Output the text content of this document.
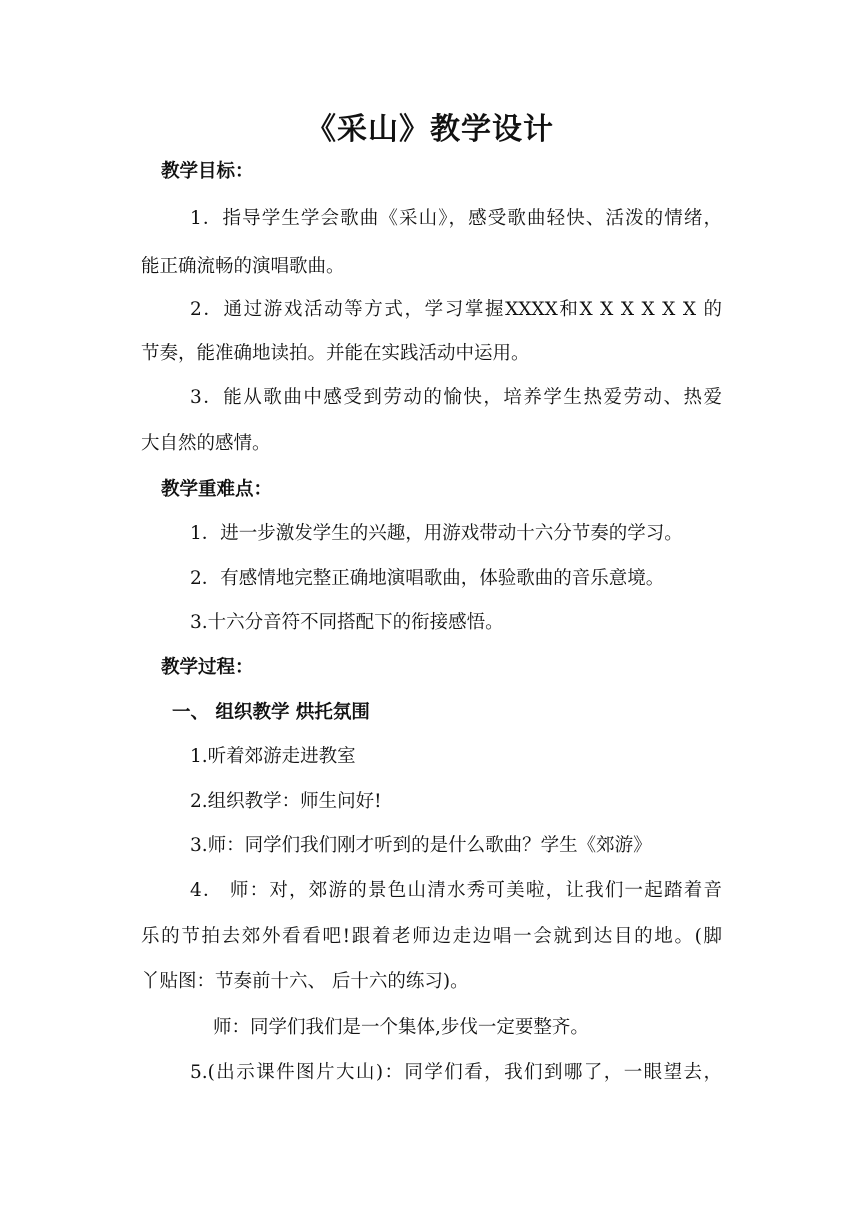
《采山》教学设计
教学目标：
1．指导学生学会歌曲《采山》，感受歌曲轻快、活泼的情绪，
能正确流畅的演唱歌曲。
2．通过游戏活动等方式，学习掌握XXXX和X X X X X X 的
节奏，能准确地读拍。并能在实践活动中运用。
3．能从歌曲中感受到劳动的愉快，培养学生热爱劳动、热爱
大自然的感情。
教学重难点：
1．进一步激发学生的兴趣，用游戏带动十六分节奏的学习。
2．有感情地完整正确地演唱歌曲，体验歌曲的音乐意境。
3.十六分音符不同搭配下的衔接感悟。
教学过程：
一、 组织教学 烘托氛围
1.听着郊游走进教室
2.组织教学：师生问好!
3.师：同学们我们刚才听到的是什么歌曲？学生《郊游》
4． 师：对，郊游的景色山清水秀可美啦，让我们一起踏着音
乐的节拍去郊外看看吧!跟着老师边走边唱一会就到达目的地。(脚
丫贴图：节奏前十六、 后十六的练习)。
师：同学们我们是一个集体,步伐一定要整齐。
5.(出示课件图片大山)：同学们看，我们到哪了，一眼望去，
